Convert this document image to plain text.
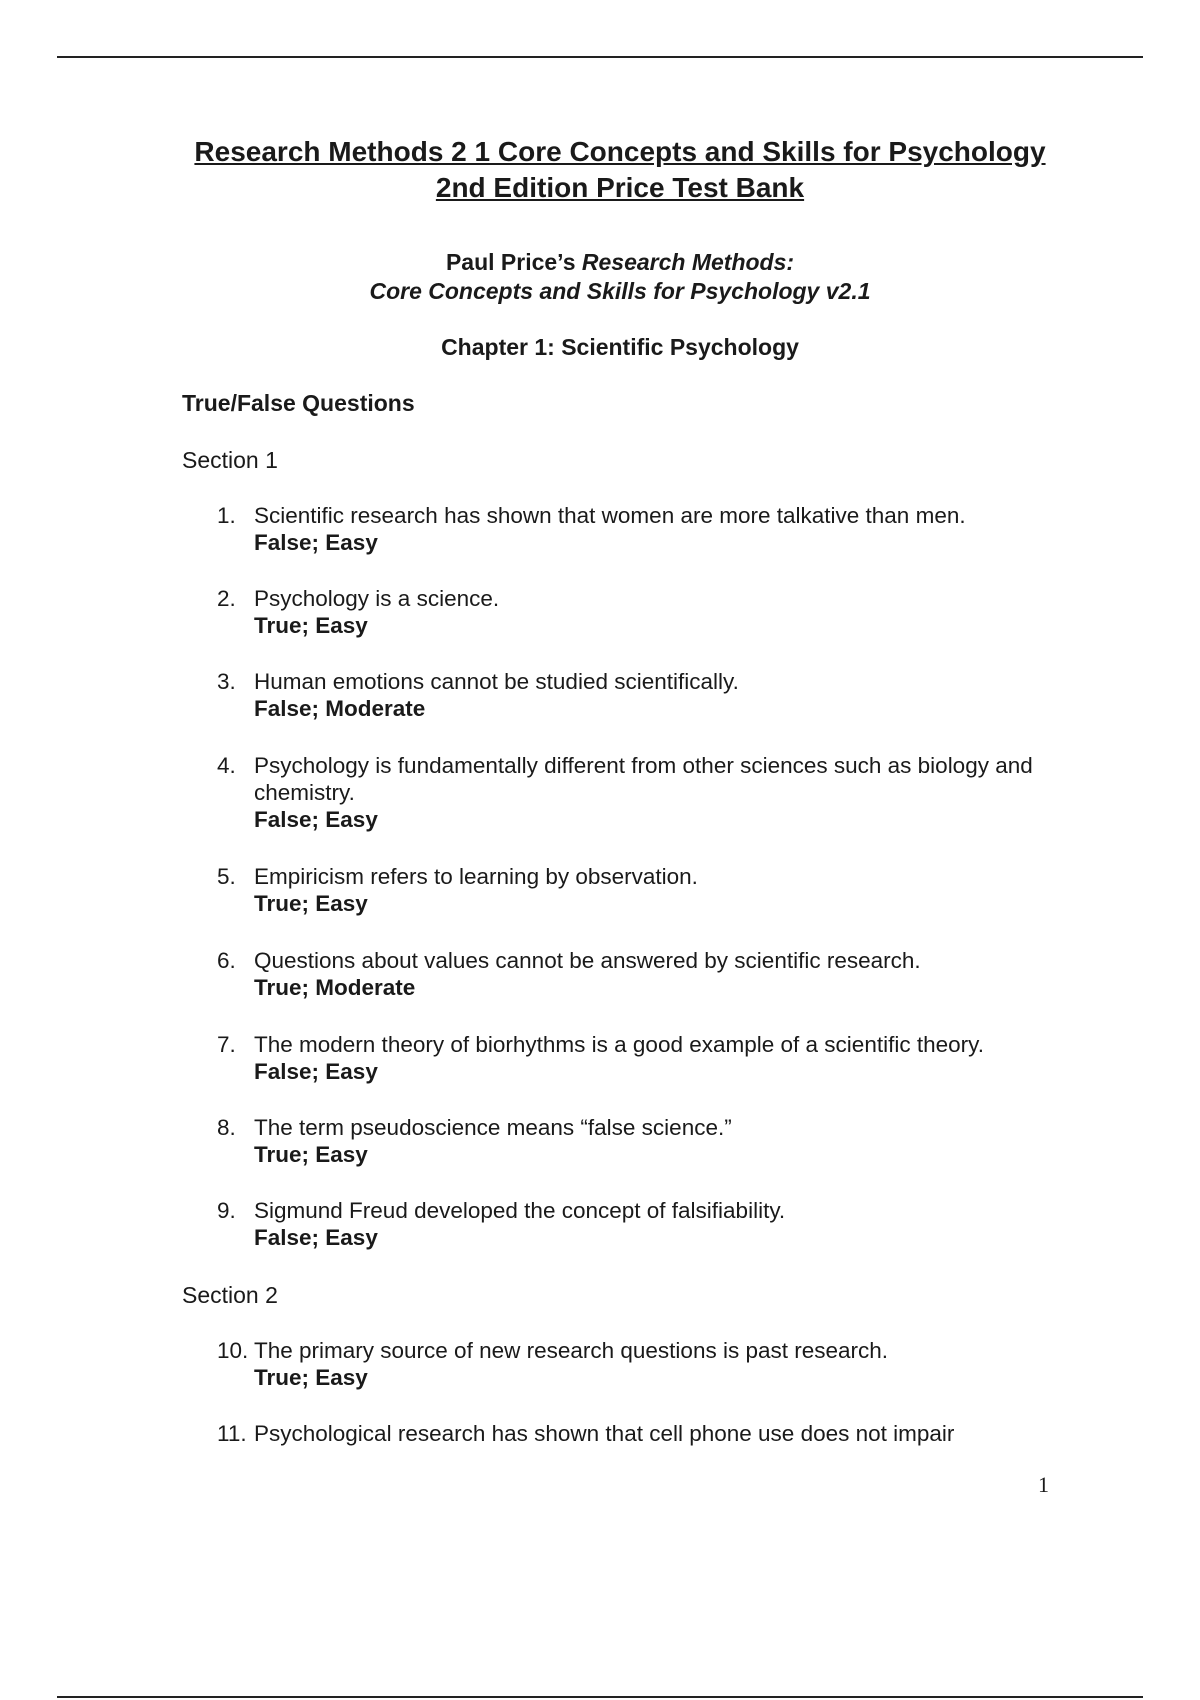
Research Methods 2 1 Core Concepts and Skills for Psychology
2nd Edition Price Test Bank
Paul Price’s Research Methods:
Core Concepts and Skills for Psychology v2.1
Chapter 1: Scientific Psychology
True/False Questions
Section 1
1. Scientific research has shown that women are more talkative than men.
False; Easy
2. Psychology is a science.
True; Easy
3. Human emotions cannot be studied scientifically.
False; Moderate
4. Psychology is fundamentally different from other sciences such as biology and chemistry.
False; Easy
5. Empiricism refers to learning by observation.
True; Easy
6. Questions about values cannot be answered by scientific research.
True; Moderate
7. The modern theory of biorhythms is a good example of a scientific theory.
False; Easy
8. The term pseudoscience means “false science.”
True; Easy
9. Sigmund Freud developed the concept of falsifiability.
False; Easy
Section 2
10. The primary source of new research questions is past research.
True; Easy
11. Psychological research has shown that cell phone use does not impair
1
